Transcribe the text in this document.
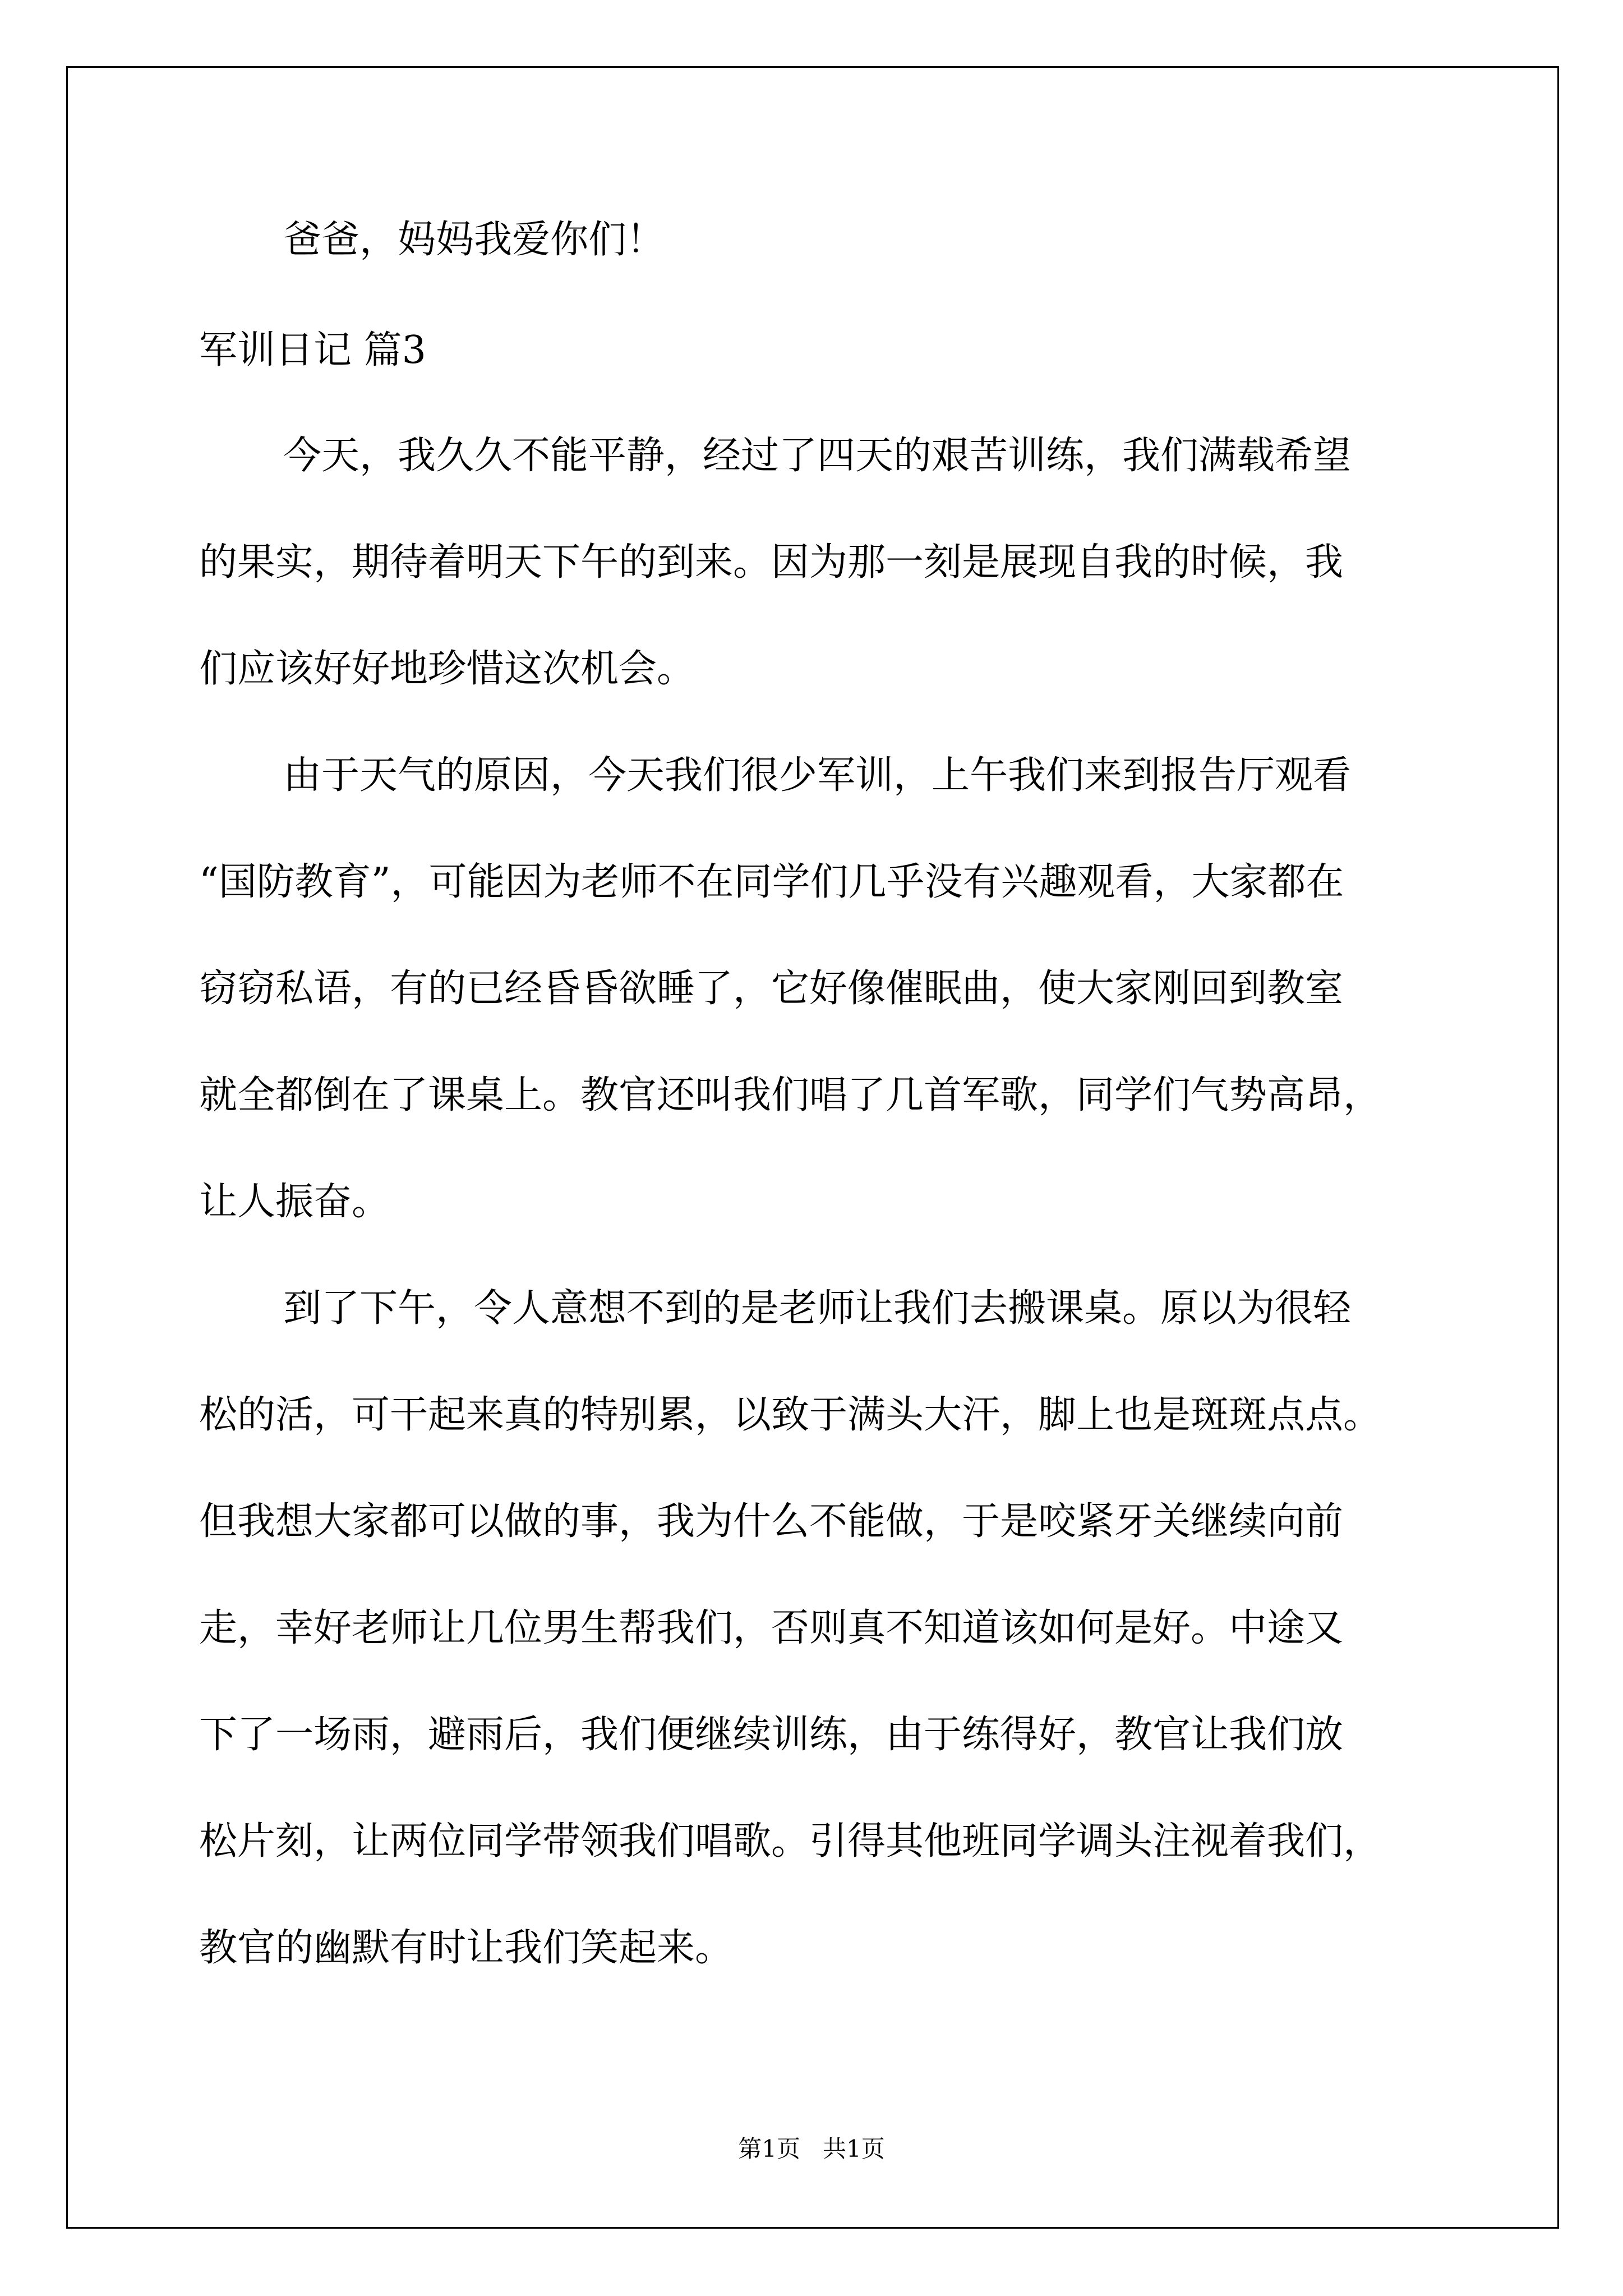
爸爸，妈妈我爱你们！

军训日记 篇3

今天，我久久不能平静，经过了四天的艰苦训练，我们满载希望

的果实，期待着明天下午的到来。因为那一刻是展现自我的时候，我

们应该好好地珍惜这次机会。

由于天气的原因，今天我们很少军训，上午我们来到报告厅观看

“国防教育”，可能因为老师不在同学们几乎没有兴趣观看，大家都在

窃窃私语，有的已经昏昏欲睡了，它好像催眠曲，使大家刚回到教室

就全都倒在了课桌上。教官还叫我们唱了几首军歌，同学们气势高昂，

让人振奋。

到了下午，令人意想不到的是老师让我们去搬课桌。原以为很轻

松的活，可干起来真的特别累，以致于满头大汗，脚上也是斑斑点点。

但我想大家都可以做的事，我为什么不能做，于是咬紧牙关继续向前

走，幸好老师让几位男生帮我们，否则真不知道该如何是好。中途又

下了一场雨，避雨后，我们便继续训练，由于练得好，教官让我们放

松片刻，让两位同学带领我们唱歌。引得其他班同学调头注视着我们，

教官的幽默有时让我们笑起来。

第1页   共1页
